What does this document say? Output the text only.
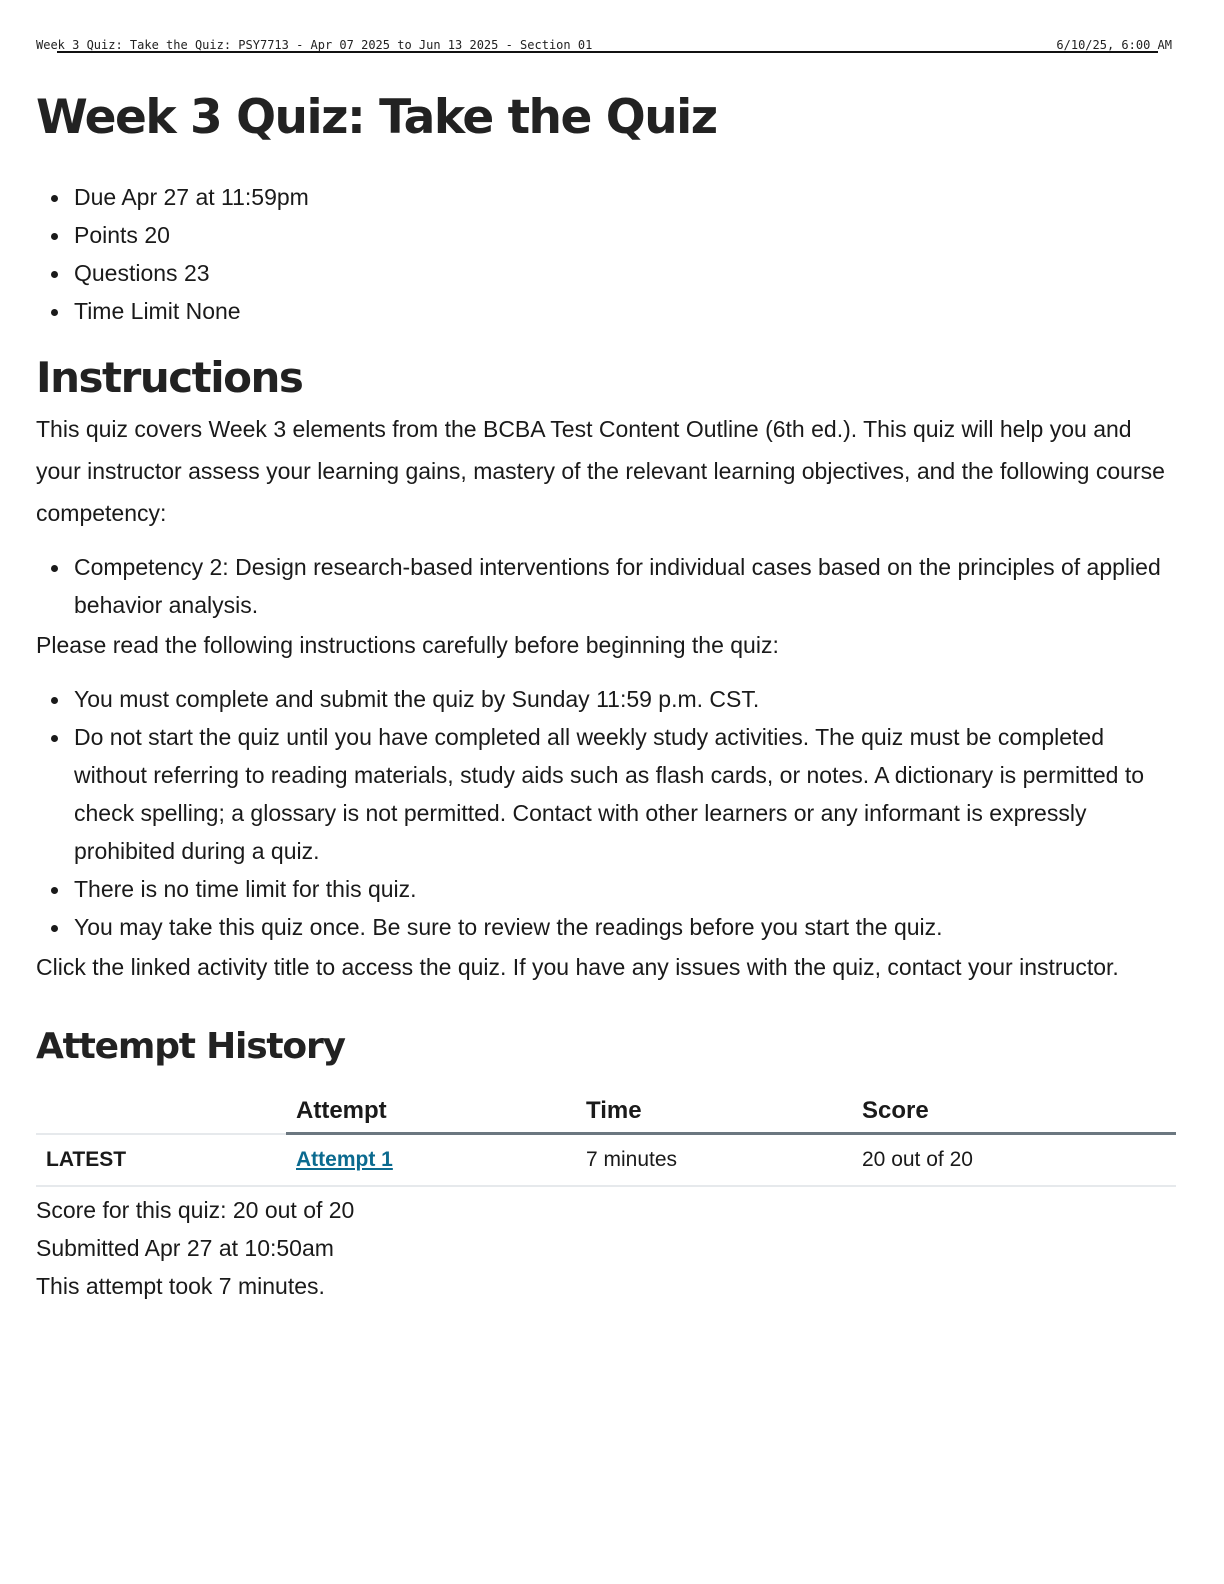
Week 3 Quiz: Take the Quiz: PSY7713 - Apr 07 2025 to Jun 13 2025 - Section 01	6/10/25, 6:00 AM
Week 3 Quiz: Take the Quiz
Due Apr 27 at 11:59pm
Points 20
Questions 23
Time Limit None
Instructions

This quiz covers Week 3 elements from the BCBA Test Content Outline (6th ed.). This quiz will help you and your instructor assess your learning gains, mastery of the relevant learning objectives, and the following course competency:

Competency 2: Design research-based interventions for individual cases based on the principles of applied behavior analysis.

Please read the following instructions carefully before beginning the quiz:

You must complete and submit the quiz by Sunday 11:59 p.m. CST.
Do not start the quiz until you have completed all weekly study activities. The quiz must be completed without referring to reading materials, study aids such as flash cards, or notes. A dictionary is permitted to check spelling; a glossary is not permitted. Contact with other learners or any informant is expressly prohibited during a quiz.
There is no time limit for this quiz.
You may take this quiz once. Be sure to review the readings before you start the quiz.

Click the linked activity title to access the quiz. If you have any issues with the quiz, contact your instructor.

Attempt History
	Attempt	Time	Score
LATEST	Attempt 1	7 minutes	20 out of 20
Score for this quiz: 20 out of 20
Submitted Apr 27 at 10:50am
This attempt took 7 minutes.
